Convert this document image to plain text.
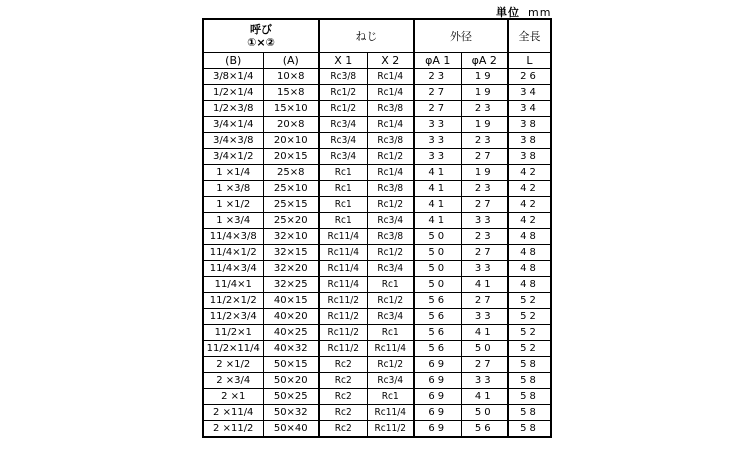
単位 mm
呼び
①×②		ねじ		外径		全長
(B)	(A)	X 1	X 2	φA 1	φA 2	L
3/8×1/4	10×8	Rc3/8	Rc1/4	23	19	26
1/2×1/4	15×8	Rc1/2	Rc1/4	27	19	34
1/2×3/8	15×10	Rc1/2	Rc3/8	27	23	34
3/4×1/4	20×8	Rc3/4	Rc1/4	33	19	38
3/4×3/8	20×10	Rc3/4	Rc3/8	33	23	38
3/4×1/2	20×15	Rc3/4	Rc1/2	33	27	38
1 ×1/4	25×8	Rc1	Rc1/4	41	19	42
1 ×3/8	25×10	Rc1	Rc3/8	41	23	42
1 ×1/2	25×15	Rc1	Rc1/2	41	27	42
1 ×3/4	25×20	Rc1	Rc3/4	41	33	42
11/4×3/8	32×10	Rc11/4	Rc3/8	50	23	48
11/4×1/2	32×15	Rc11/4	Rc1/2	50	27	48
11/4×3/4	32×20	Rc11/4	Rc3/4	50	33	48
11/4×1	32×25	Rc11/4	Rc1	50	41	48
11/2×1/2	40×15	Rc11/2	Rc1/2	56	27	52
11/2×3/4	40×20	Rc11/2	Rc3/4	56	33	52
11/2×1	40×25	Rc11/2	Rc1	56	41	52
11/2×11/4	40×32	Rc11/2	Rc11/4	56	50	52
2 ×1/2	50×15	Rc2	Rc1/2	69	27	58
2 ×3/4	50×20	Rc2	Rc3/4	69	33	58
2 ×1	50×25	Rc2	Rc1	69	41	58
2 ×11/4	50×32	Rc2	Rc11/4	69	50	58
2 ×11/2	50×40	Rc2	Rc11/2	69	56	58
